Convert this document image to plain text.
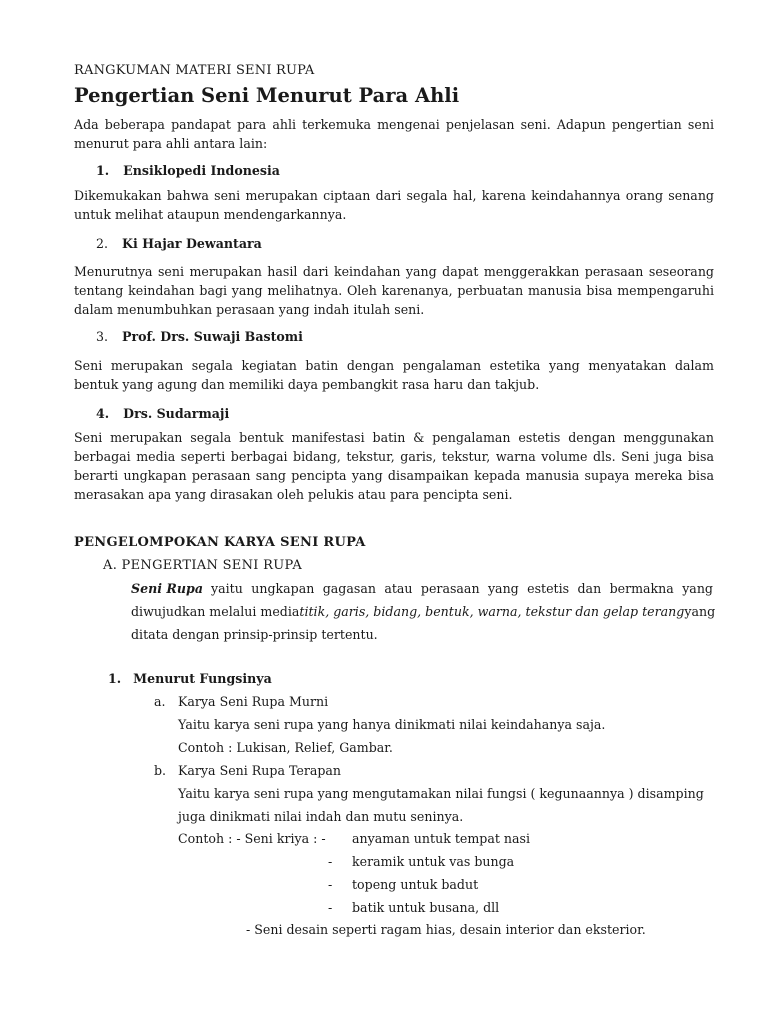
RANGKUMAN MATERI SENI RUPA
Pengertian Seni Menurut Para Ahli
Ada beberapa pandapat para ahli terkemuka mengenai penjelasan seni. Adapun pengertian seni menurut para ahli antara lain:
1. Ensiklopedi Indonesia
Dikemukakan bahwa seni merupakan ciptaan dari segala hal, karena keindahannya orang senang untuk melihat ataupun mendengarkannya.
2. Ki Hajar Dewantara
Menurutnya seni merupakan hasil dari keindahan yang dapat menggerakkan perasaan seseorang tentang keindahan bagi yang melihatnya. Oleh karenanya, perbuatan manusia bisa mempengaruhi dalam menumbuhkan perasaan yang indah itulah seni.
3. Prof. Drs. Suwaji Bastomi
Seni merupakan segala kegiatan batin dengan pengalaman estetika yang menyatakan dalam bentuk yang agung dan memiliki daya pembangkit rasa haru dan takjub.
4. Drs. Sudarmaji
Seni merupakan segala bentuk manifestasi batin & pengalaman estetis dengan menggunakan berbagai media seperti berbagai bidang, tekstur, garis, tekstur, warna volume dls. Seni juga bisa berarti ungkapan perasaan sang pencipta yang disampaikan kepada manusia supaya mereka bisa merasakan apa yang dirasakan oleh pelukis atau para pencipta seni.
PENGELOMPOKAN KARYA SENI RUPA
A. PENGERTIAN SENI RUPA
Seni Rupa yaitu ungkapan gagasan atau perasaan yang estetis dan bermakna yang
diwujudkan melalui media titik, garis, bidang, bentuk, warna, tekstur dan gelap terang yang
ditata dengan prinsip-prinsip tertentu.
1. Menurut Fungsinya
a. Karya Seni Rupa Murni
Yaitu karya seni rupa yang hanya dinikmati nilai keindahanya saja.
Contoh : Lukisan, Relief, Gambar.
b. Karya Seni Rupa Terapan
Yaitu karya seni rupa yang mengutamakan nilai fungsi ( kegunaannya ) disamping
juga dinikmati nilai indah dan mutu seninya.
Contoh : - Seni kriya : -	anyaman untuk tempat nasi
-	keramik untuk vas bunga
-	topeng untuk badut
-	batik untuk busana, dll
- Seni desain seperti ragam hias, desain interior dan eksterior.
